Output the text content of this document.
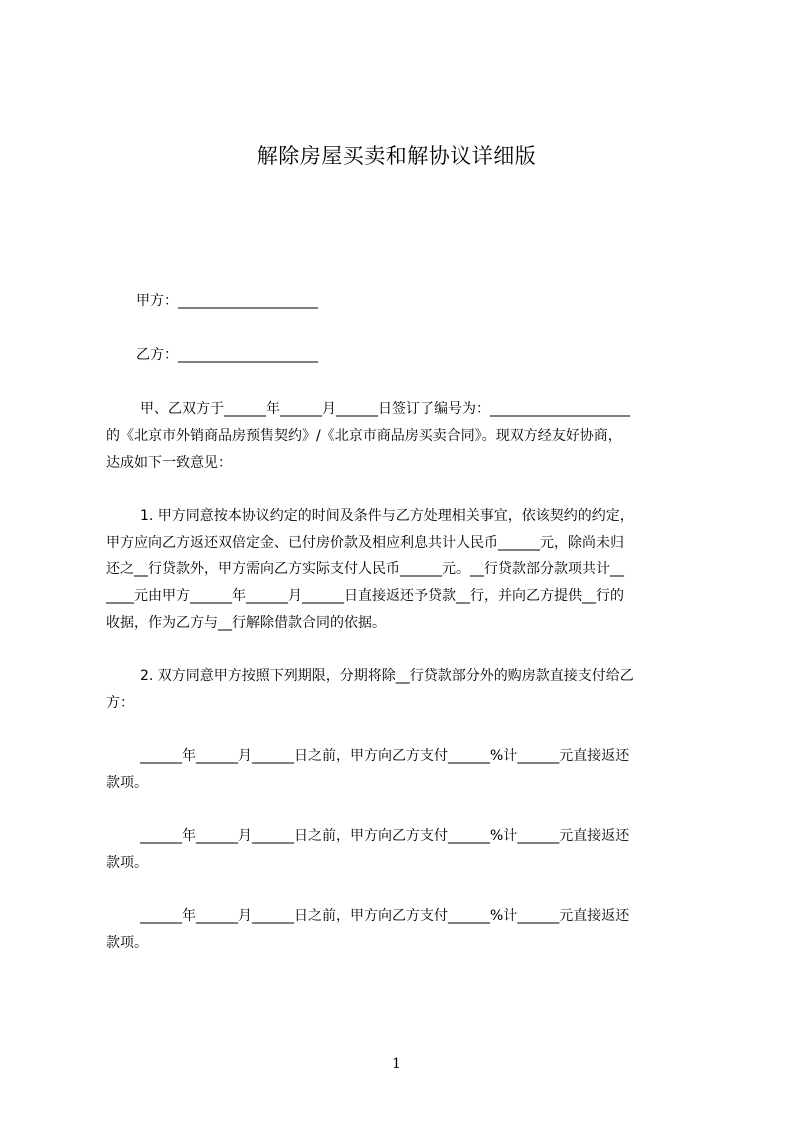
解除房屋买卖和解协议详细版
甲方：____________________
乙方：____________________
甲、乙双方于______年______月______日签订了编号为：____________________
的《北京市外销商品房预售契约》/《北京市商品房买卖合同》。现双方经友好协商，
达成如下一致意见：
1. 甲方同意按本协议约定的时间及条件与乙方处理相关事宜，依该契约的约定，
甲方应向乙方返还双倍定金、已付房价款及相应利息共计人民币______元，除尚未归
还之__行贷款外，甲方需向乙方实际支付人民币______元。__行贷款部分款项共计__
____元由甲方______年______月______日直接返还予贷款__行，并向乙方提供__行的
收据，作为乙方与__行解除借款合同的依据。
2. 双方同意甲方按照下列期限，分期将除__行贷款部分外的购房款直接支付给乙
方：
______年______月______日之前，甲方向乙方支付______%计______元直接返还
款项。
______年______月______日之前，甲方向乙方支付______%计______元直接返还
款项。
______年______月______日之前，甲方向乙方支付______%计______元直接返还
款项。
1
